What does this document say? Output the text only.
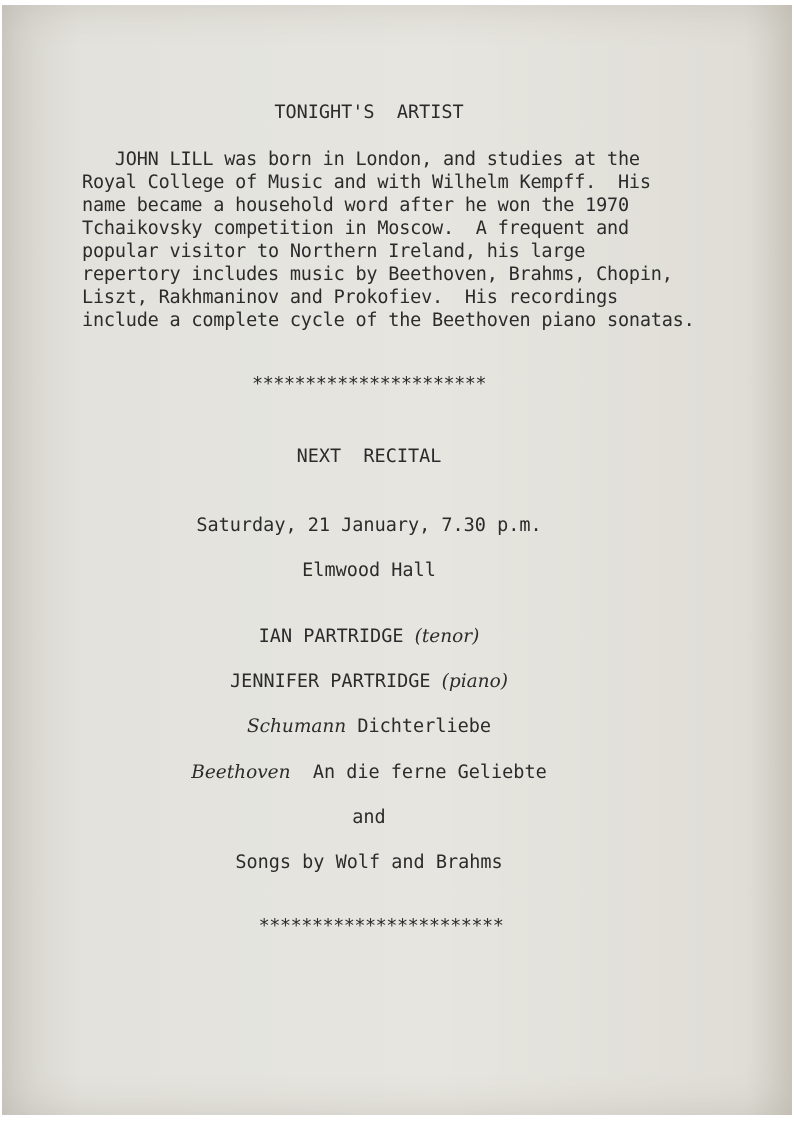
TONIGHT'S  ARTIST
JOHN LILL was born in London, and studies at the
Royal College of Music and with Wilhelm Kempff.  His
name became a household word after he won the 1970
Tchaikovsky competition in Moscow.  A frequent and
popular visitor to Northern Ireland, his large
repertory includes music by Beethoven, Brahms, Chopin,
Liszt, Rakhmaninov and Prokofiev.  His recordings
include a complete cycle of the Beethoven piano sonatas.
**********************
NEXT  RECITAL
Saturday, 21 January, 7.30 p.m.
Elmwood Hall
IAN PARTRIDGE (tenor)
JENNIFER PARTRIDGE (piano)
Schumann Dichterliebe
Beethoven  An die ferne Geliebte
and
Songs by Wolf and Brahms
***********************
